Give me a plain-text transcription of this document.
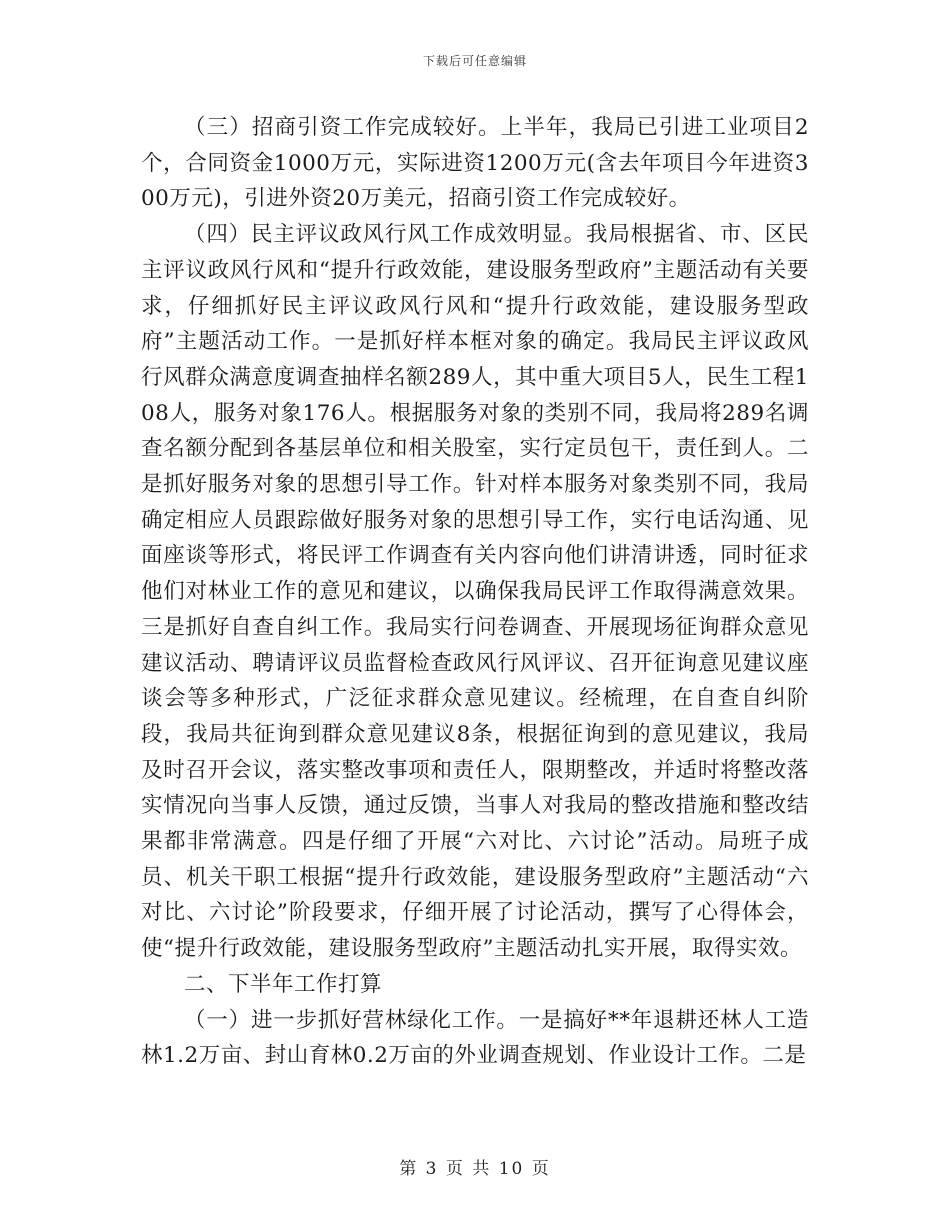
下载后可任意编辑

（三）招商引资工作完成较好。上半年，我局已引进工业项目2个，合同资金1000万元，实际进资1200万元(含去年项目今年进资300万元)，引进外资20万美元，招商引资工作完成较好。

（四）民主评议政风行风工作成效明显。我局根据省、市、区民主评议政风行风和“提升行政效能，建设服务型政府”主题活动有关要求，仔细抓好民主评议政风行风和“提升行政效能，建设服务型政府”主题活动工作。一是抓好样本框对象的确定。我局民主评议政风行风群众满意度调查抽样名额289人，其中重大项目5人，民生工程108人，服务对象176人。根据服务对象的类别不同，我局将289名调查名额分配到各基层单位和相关股室，实行定员包干，责任到人。二是抓好服务对象的思想引导工作。针对样本服务对象类别不同，我局确定相应人员跟踪做好服务对象的思想引导工作，实行电话沟通、见面座谈等形式，将民评工作调查有关内容向他们讲清讲透，同时征求他们对林业工作的意见和建议，以确保我局民评工作取得满意效果。三是抓好自查自纠工作。我局实行问卷调查、开展现场征询群众意见建议活动、聘请评议员监督检查政风行风评议、召开征询意见建议座谈会等多种形式，广泛征求群众意见建议。经梳理，在自查自纠阶段，我局共征询到群众意见建议8条，根据征询到的意见建议，我局及时召开会议，落实整改事项和责任人，限期整改，并适时将整改落实情况向当事人反馈，通过反馈，当事人对我局的整改措施和整改结果都非常满意。四是仔细了开展“六对比、六讨论”活动。局班子成员、机关干职工根据“提升行政效能，建设服务型政府”主题活动“六对比、六讨论”阶段要求，仔细开展了讨论活动，撰写了心得体会，使“提升行政效能，建设服务型政府”主题活动扎实开展，取得实效。

二、下半年工作打算

（一）进一步抓好营林绿化工作。一是搞好**年退耕还林人工造林1.2万亩、封山育林0.2万亩的外业调查规划、作业设计工作。二是

第 3 页 共 10 页
